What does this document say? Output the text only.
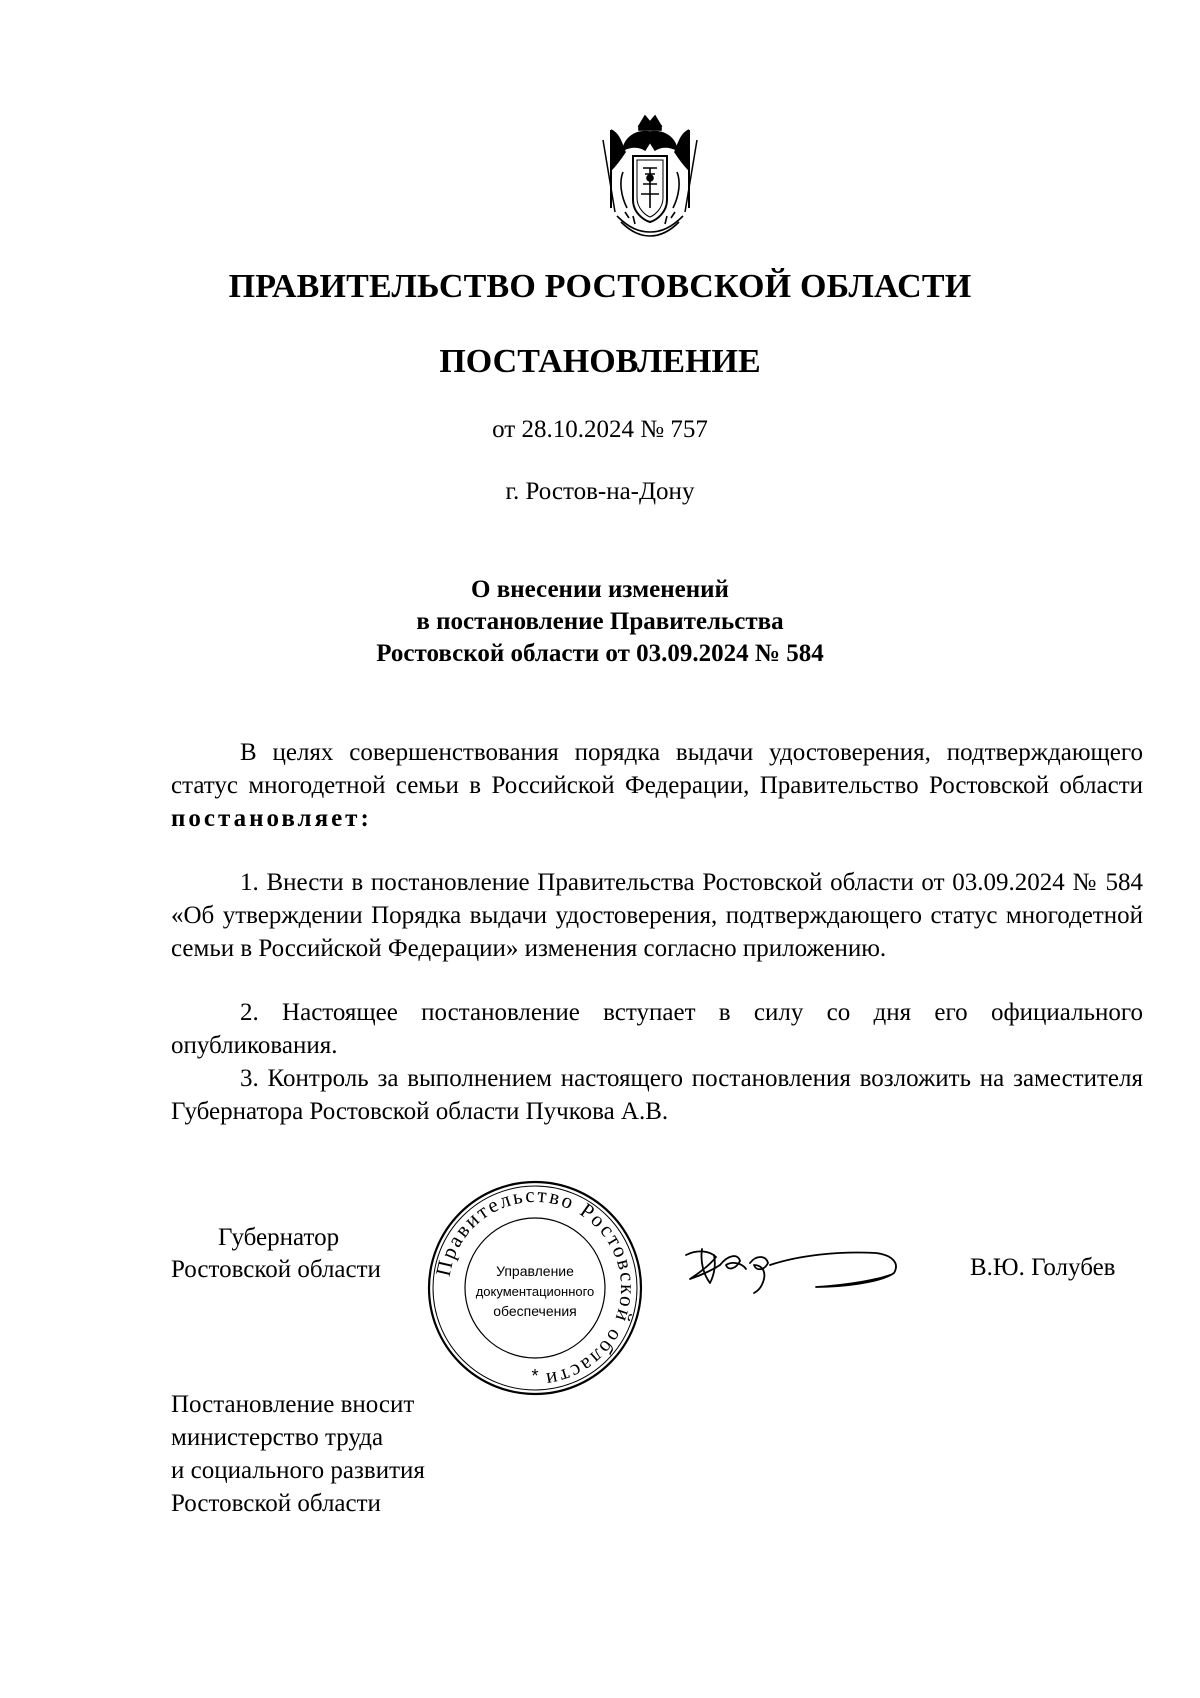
ПРАВИТЕЛЬСТВО РОСТОВСКОЙ ОБЛАСТИ
ПОСТАНОВЛЕНИЕ
от 28.10.2024 № 757
г. Ростов-на-Дону
О внесении изменений
в постановление Правительства
Ростовской области от 03.09.2024 № 584
В целях совершенствования порядка выдачи удостоверения, подтверждающего статус многодетной семьи в Российской Федерации, Правительство Ростовской области постановляет:
1. Внести в постановление Правительства Ростовской области от 03.09.2024 № 584 «Об утверждении Порядка выдачи удостоверения, подтверждающего статус многодетной семьи в Российской Федерации» изменения согласно приложению.
2. Настоящее постановление вступает в силу со дня его официального опубликования.
3. Контроль за выполнением настоящего постановления возложить на заместителя Губернатора Ростовской области Пучкова А.В.
Губернатор
Ростовской области Правительство Ростовской области
Управление
документационного
обеспечения
*
В.Ю. Голубев
Постановление вносит
министерство труда
и социального развития
Ростовской области
